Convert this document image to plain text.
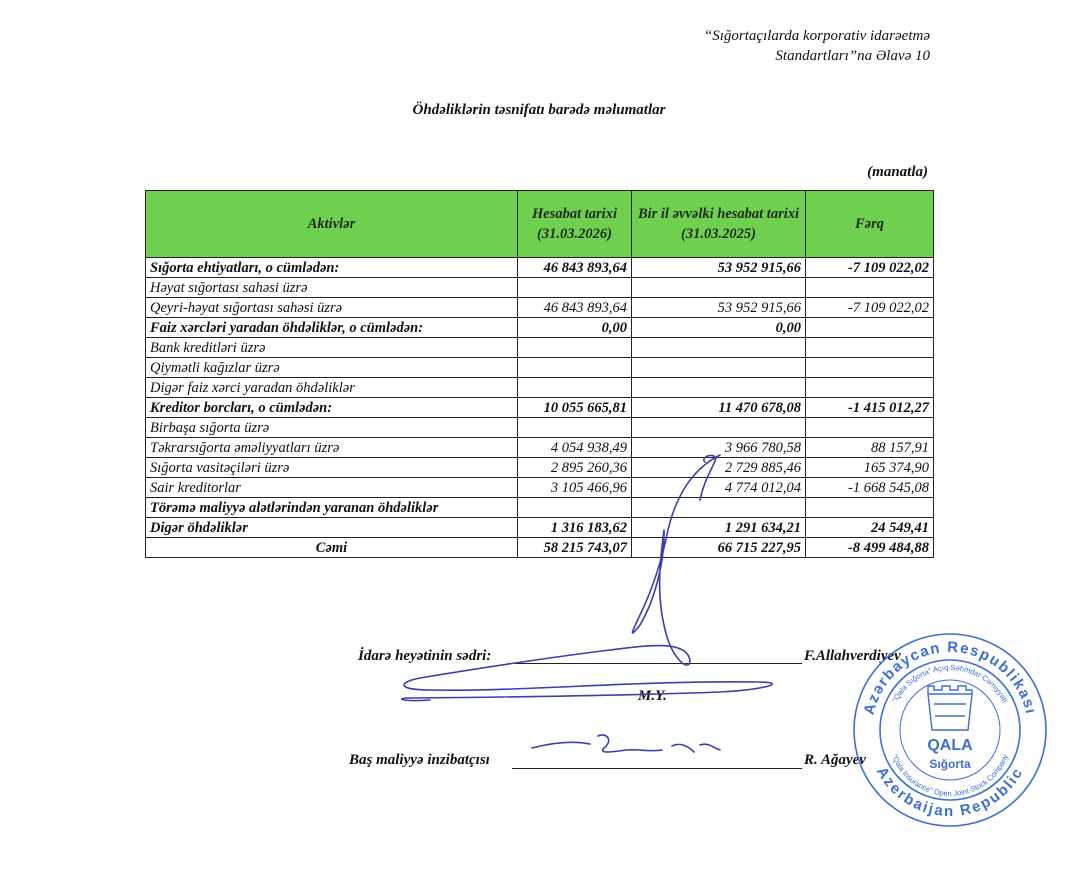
“Sığortaçılarda korporativ idarəetmə
Standartları”na Əlavə 10
Öhdəliklərin təsnifatı barədə məlumatlar
(manatla)
Aktivlər	Hesabat tarixi (31.03.2026)	Bir il əvvəlki hesabat tarixi (31.03.2025)	Fərq
Sığorta ehtiyatları, o cümlədən:	46 843 893,64	53 952 915,66	-7 109 022,02
Həyat sığortası sahəsi üzrə			
Qeyri-həyat sığortası sahəsi üzrə	46 843 893,64	53 952 915,66	-7 109 022,02
Faiz xərcləri yaradan öhdəliklər, o cümlədən:	0,00	0,00	
Bank kreditləri üzrə			
Qiymətli kağızlar üzrə			
Digər faiz xərci yaradan öhdəliklər			
Kreditor borcları, o cümlədən:	10 055 665,81	11 470 678,08	-1 415 012,27
Birbaşa sığorta üzrə			
Təkrarsığorta əməliyyatları üzrə	4 054 938,49	3 966 780,58	88 157,91
Sığorta vasitəçiləri üzrə	2 895 260,36	2 729 885,46	165 374,90
Sair kreditorlar	3 105 466,96	4 774 012,04	-1 668 545,08
Törəmə maliyyə alətlərindən yaranan öhdəliklər			
Digər öhdəliklər	1 316 183,62	1 291 634,21	24 549,41
Cəmi	58 215 743,07	66 715 227,95	-8 499 484,88
İdarə heyətinin sədri:	F.Allahverdiyev
M.Y.
Baş maliyyə inzibatçısı	R. Ağayev
Azərbaycan Respublikası
Azerbaijan Republic
"Qala Sığorta" Açıq Səhmdar Cəmiyyəti
"Qala Insurance" Open Joint-Stock Company
QALA
Sığorta
